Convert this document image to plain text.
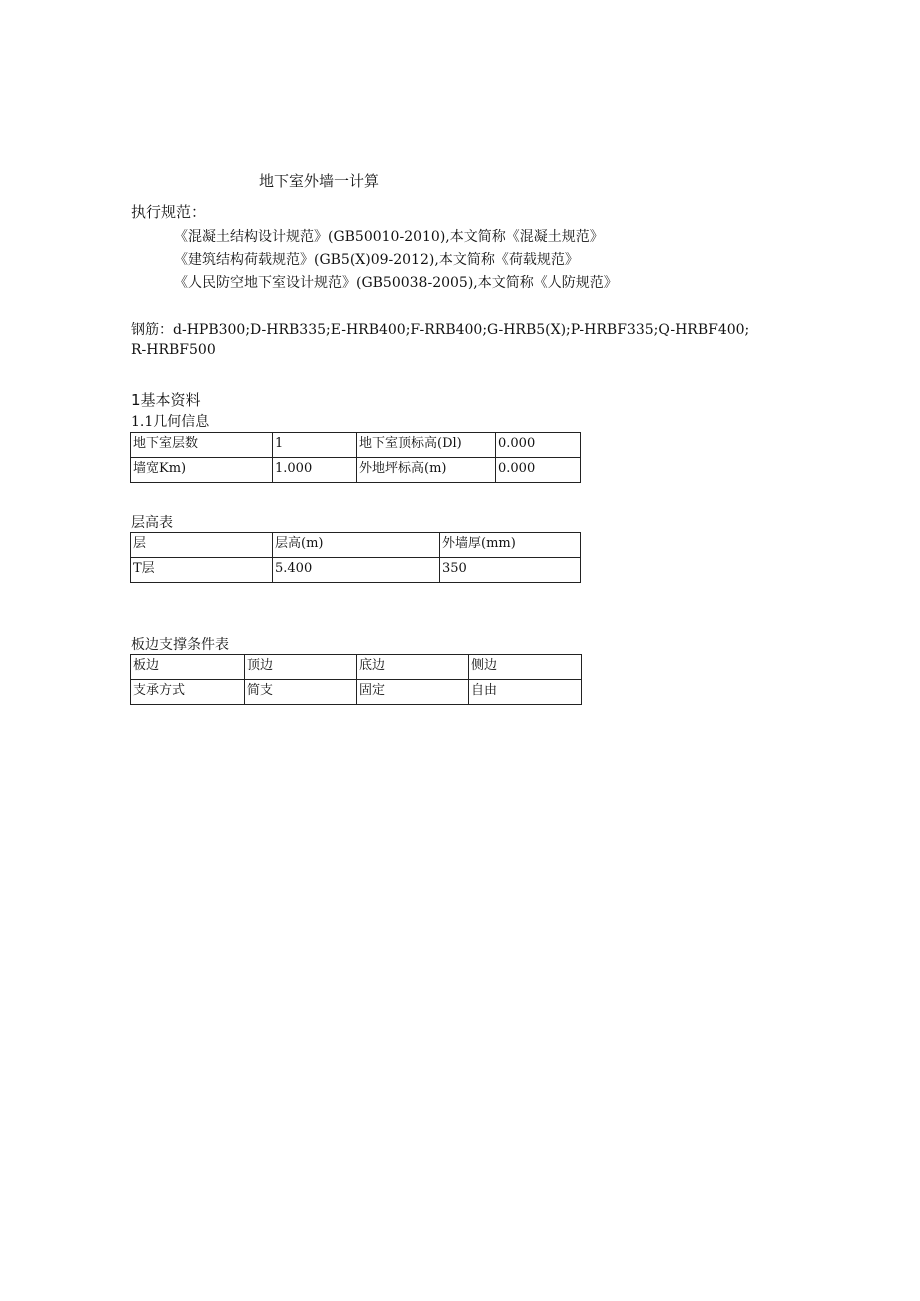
地下室外墙一计算
执行规范：
《混凝土结构设计规范》(GB50010-2010),本文简称《混凝土规范》
《建筑结构荷载规范》(GB5(X)09-2012),本文简称《荷载规范》
《人民防空地下室设计规范》(GB50038-2005),本文简称《人防规范》
钢筋：d-HPB300;D-HRB335;E-HRB400;F-RRB400;G-HRB5(X);P-HRBF335;Q-HRBF400;
R-HRBF500
1基本资料
1.1几何信息
地下室层数	1	地下室顶标高(Dl)	0.000
墙宽Km)	1.000	外地坪标高(m)	0.000
层高表
层	层高(m)	外墙厚(mm)
T层	5.400	350
板边支撑条件表
板边	顶边	底边	侧边
支承方式	简支	固定	自由
